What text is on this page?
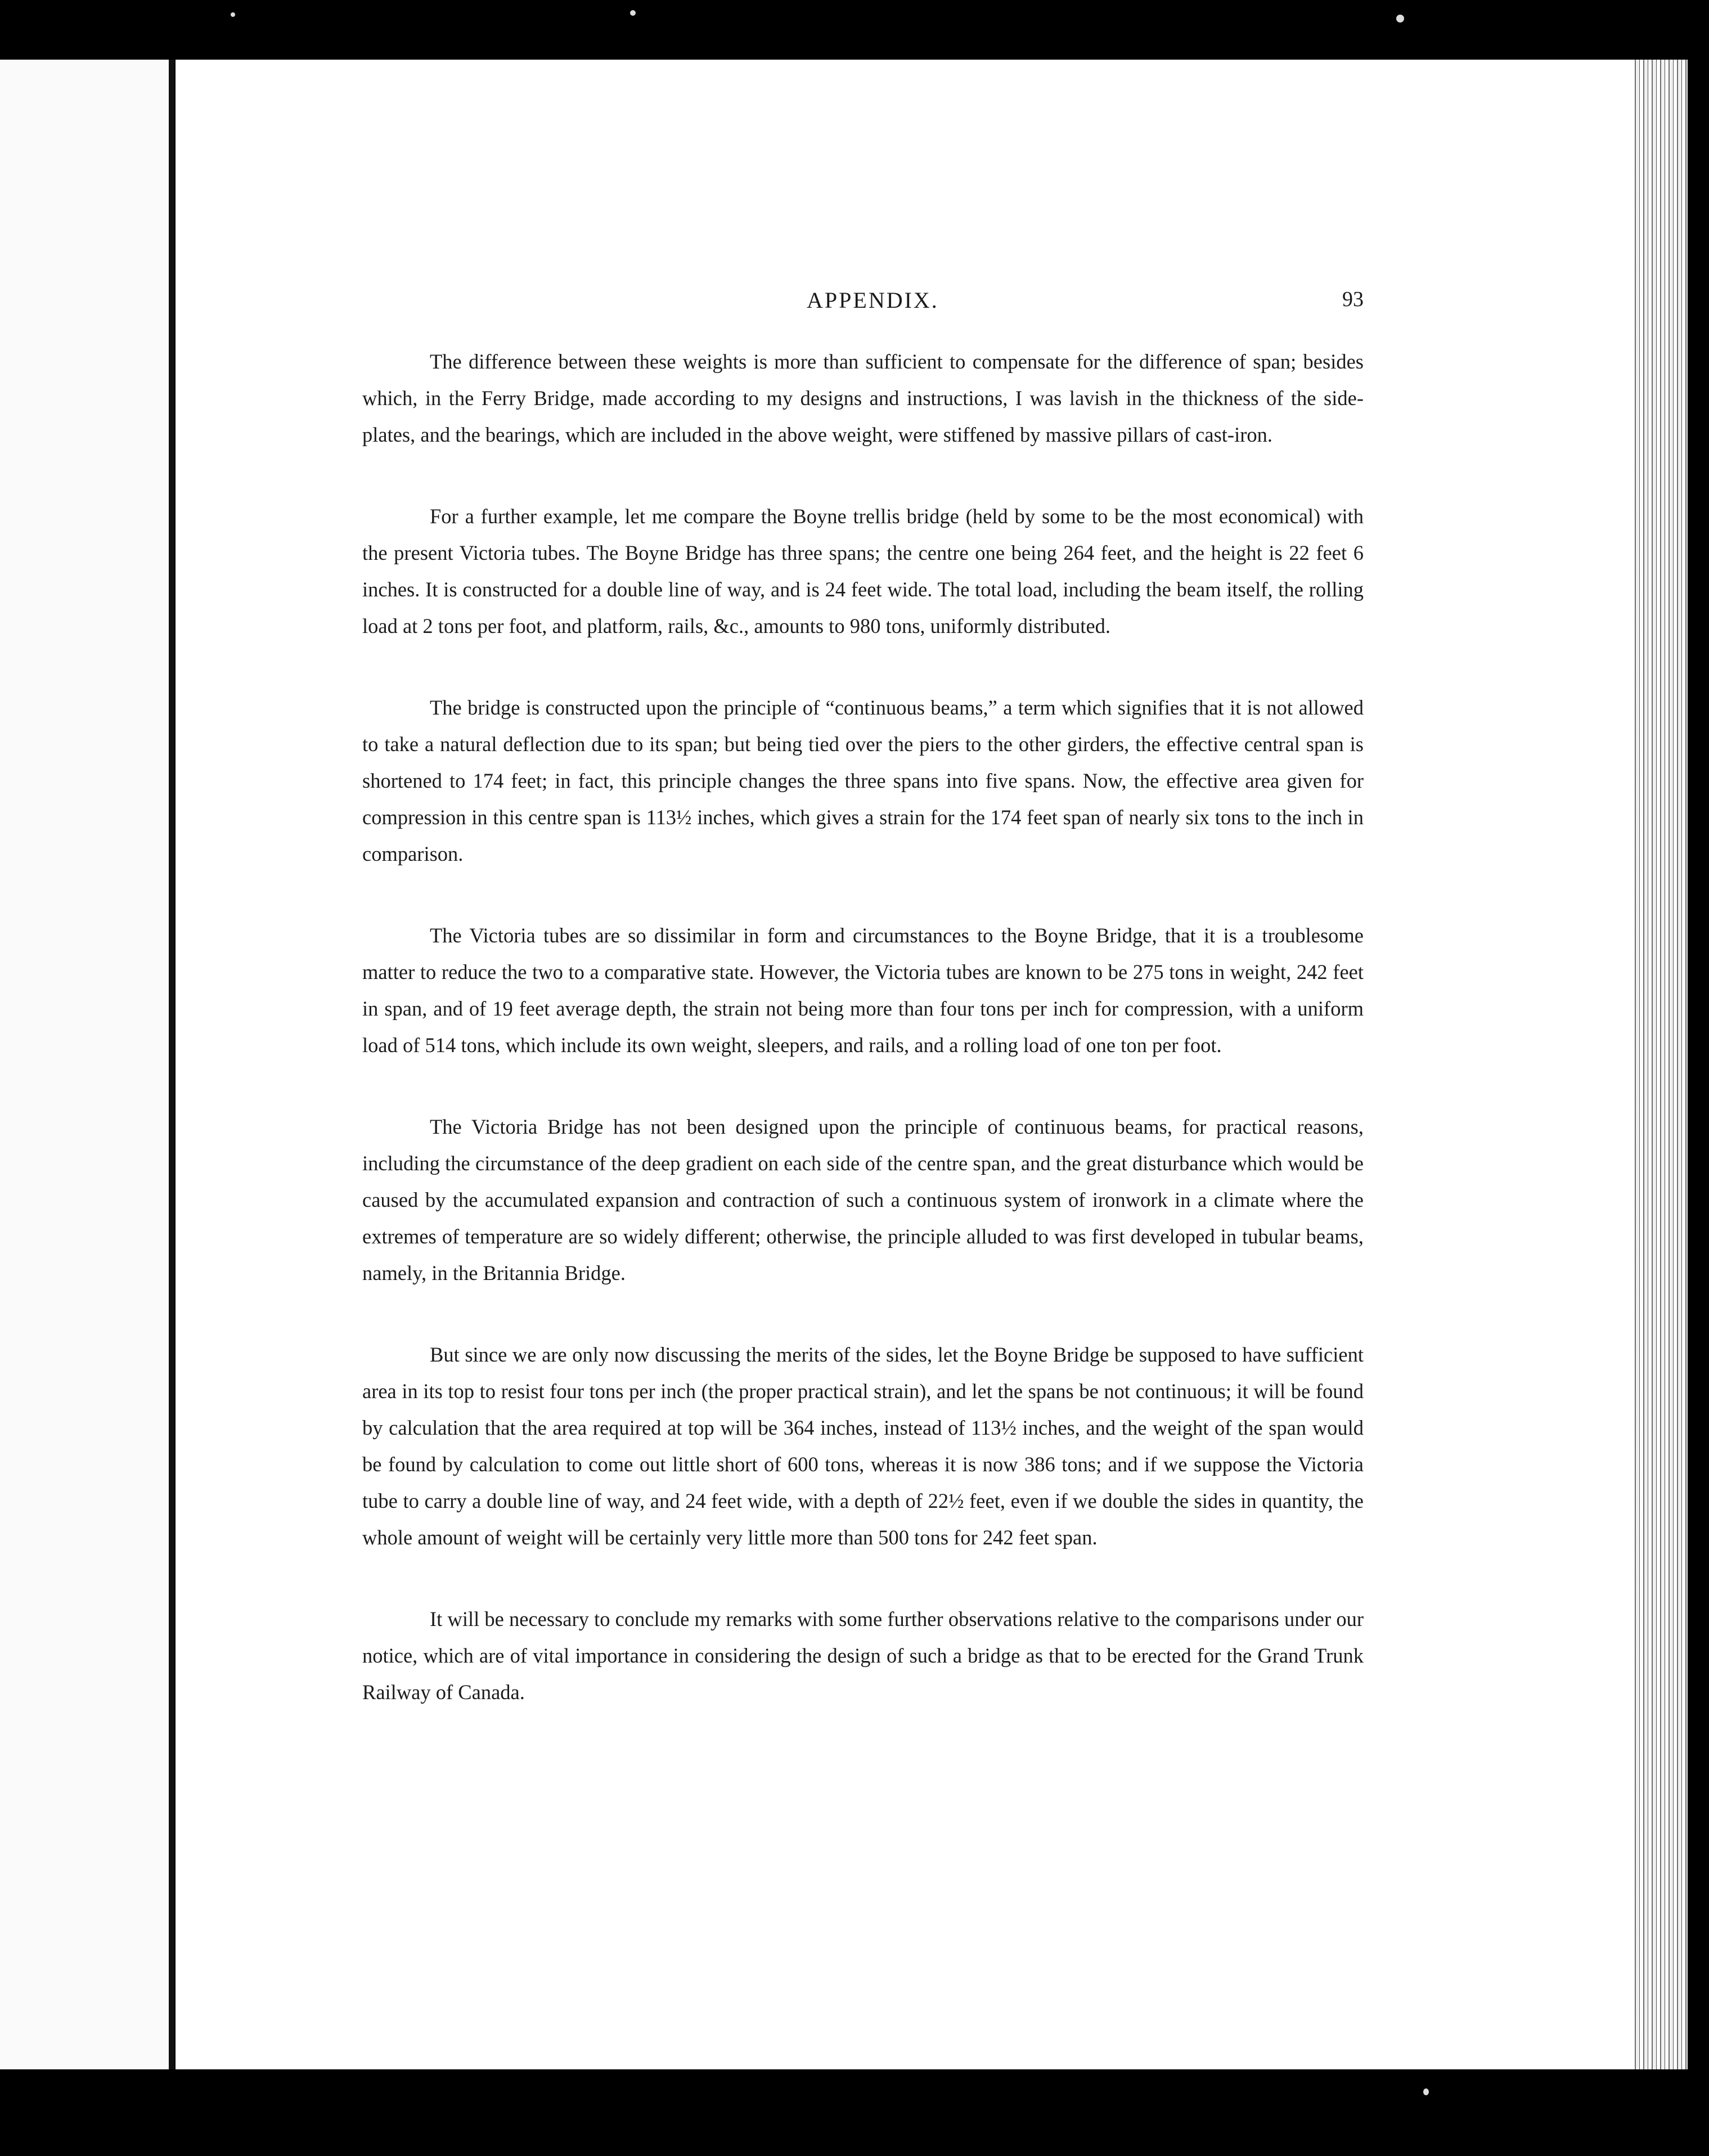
APPENDIX.	93

The difference between these weights is more than sufficient to compensate for the difference of span; besides which, in the Ferry Bridge, made according to my designs and instructions, I was lavish in the thickness of the side-plates, and the bearings, which are included in the above weight, were stiffened by massive pillars of cast-iron.

For a further example, let me compare the Boyne trellis bridge (held by some to be the most economical) with the present Victoria tubes. The Boyne Bridge has three spans; the centre one being 264 feet, and the height is 22 feet 6 inches. It is constructed for a double line of way, and is 24 feet wide. The total load, including the beam itself, the rolling load at 2 tons per foot, and platform, rails, &c., amounts to 980 tons, uniformly distributed.

The bridge is constructed upon the principle of “continuous beams,” a term which signifies that it is not allowed to take a natural deflection due to its span; but being tied over the piers to the other girders, the effective central span is shortened to 174 feet; in fact, this principle changes the three spans into five spans. Now, the effective area given for compression in this centre span is 113½ inches, which gives a strain for the 174 feet span of nearly six tons to the inch in comparison.

The Victoria tubes are so dissimilar in form and circumstances to the Boyne Bridge, that it is a troublesome matter to reduce the two to a comparative state. However, the Victoria tubes are known to be 275 tons in weight, 242 feet in span, and of 19 feet average depth, the strain not being more than four tons per inch for compression, with a uniform load of 514 tons, which include its own weight, sleepers, and rails, and a rolling load of one ton per foot.

The Victoria Bridge has not been designed upon the principle of continuous beams, for practical reasons, including the circumstance of the deep gradient on each side of the centre span, and the great disturbance which would be caused by the accumulated expansion and contraction of such a continuous system of ironwork in a climate where the extremes of temperature are so widely different; otherwise, the principle alluded to was first developed in tubular beams, namely, in the Britannia Bridge.

But since we are only now discussing the merits of the sides, let the Boyne Bridge be supposed to have sufficient area in its top to resist four tons per inch (the proper practical strain), and let the spans be not continuous; it will be found by calculation that the area required at top will be 364 inches, instead of 113½ inches, and the weight of the span would be found by calculation to come out little short of 600 tons, whereas it is now 386 tons; and if we suppose the Victoria tube to carry a double line of way, and 24 feet wide, with a depth of 22½ feet, even if we double the sides in quantity, the whole amount of weight will be certainly very little more than 500 tons for 242 feet span.

It will be necessary to conclude my remarks with some further observations relative to the comparisons under our notice, which are of vital importance in considering the design of such a bridge as that to be erected for the Grand Trunk Railway of Canada.
